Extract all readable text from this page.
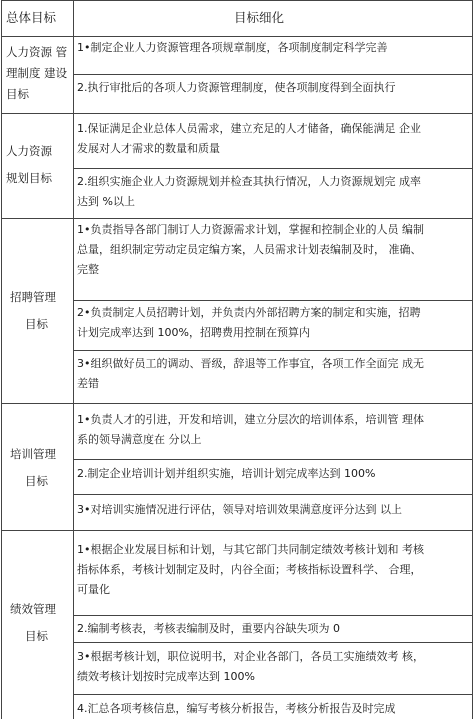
总体目标	目标细化
人力资源 管
理制度 建设
目标
1•制定企业人力资源管理各项规章制度，各项制度制定科学完善
2.执行审批后的各项人力资源管理制度，使各项制度得到全面执行
人力资源
规划目标
1.保证满足企业总体人员需求，建立充足的人才储备，确保能满足 企业
发展对人才需求的数量和质量
2.组织实施企业人力资源规划并检查其执行情况，人力资源规划完 成率
达到 %以上
招聘管理
目标
1•负责指导各部门制订人力资源需求计划，掌握和控制企业的人员 编制
总量，组织制定劳动定员定编方案，人员需求计划表编制及时， 准确、
完整
2•负责制定人员招聘计划，并负责内外部招聘方案的制定和实施，招聘
计划完成率达到 100%，招聘费用控制在预算内
3•组织做好员工的调动、晋级，辞退等工作事宜，各项工作全面完 成无
差错
培训管理
目标
1•负责人才的引进，开发和培训，建立分层次的培训体系，培训管 理体
系的领导满意度在 分以上
2.制定企业培训计划并组织实施，培训计划完成率达到 100%
3•对培训实施情况进行评估，领导对培训效果满意度评分达到 以上
绩效管理
目标
1•根据企业发展目标和计划，与其它部门共同制定绩效考核计划和 考核
指标体系，考核计划制定及时，内谷全面；考核指标设置科学、 合理，
可量化
2.编制考核表，考核表编制及时，重要内谷缺失项为 0
3•根据考核计划，职位说明书，对企业各部门，各员工实施绩效考 核，
绩效考核计划按时完成率达到 100%
4.汇总各项考核信息，编写考核分析报告，考核分析报告及时完成
